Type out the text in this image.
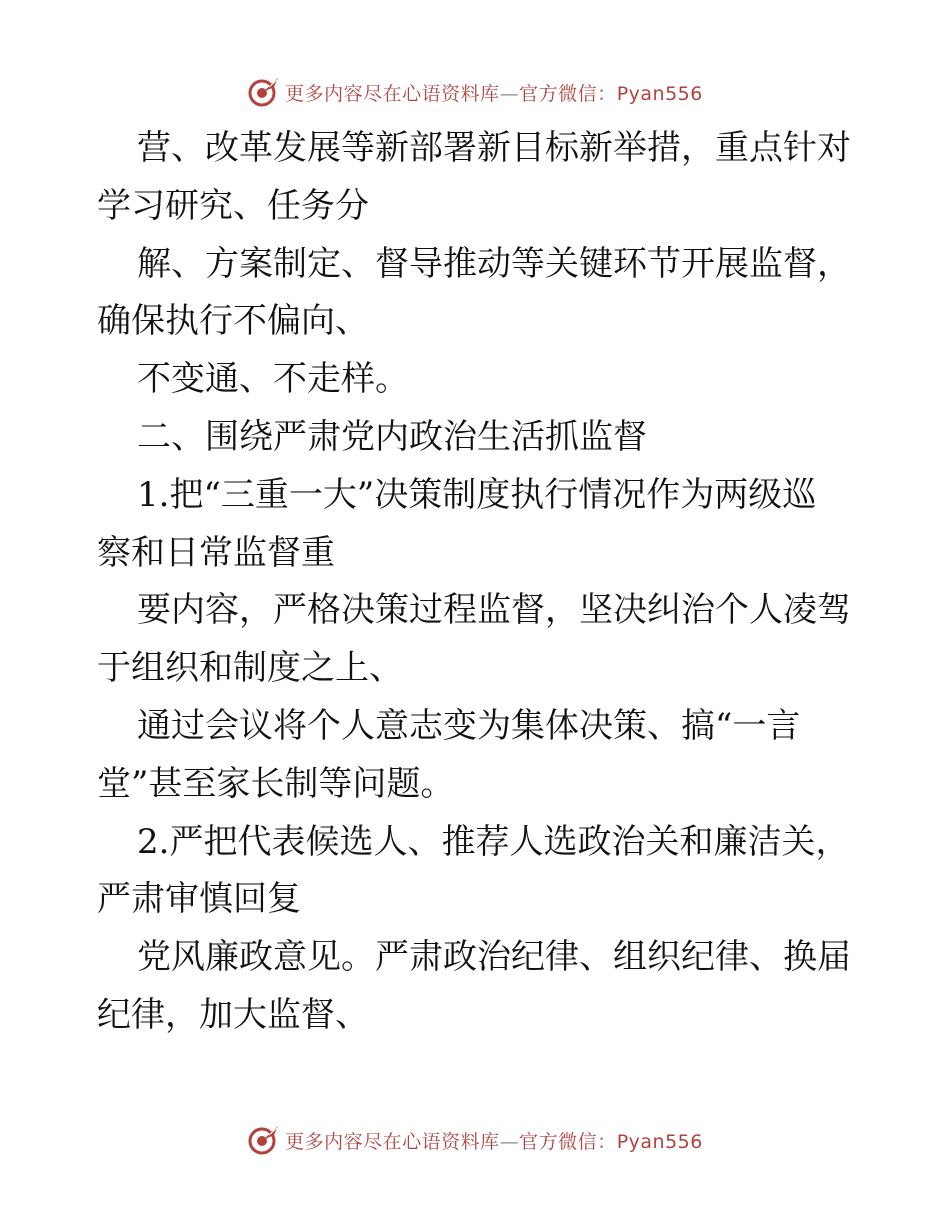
更多内容尽在心语资料库—官方微信：Pyan556
营、改革发展等新部署新目标新举措，重点针对
学习研究、任务分
解、方案制定、督导推动等关键环节开展监督，
确保执行不偏向、
不变通、不走样。
二、围绕严肃党内政治生活抓监督
1.把“三重一大”决策制度执行情况作为两级巡
察和日常监督重
要内容，严格决策过程监督，坚决纠治个人凌驾
于组织和制度之上、
通过会议将个人意志变为集体决策、搞“一言
堂”甚至家长制等问题。
2.严把代表候选人、推荐人选政治关和廉洁关，
严肃审慎回复
党风廉政意见。严肃政治纪律、组织纪律、换届
纪律，加大监督、
更多内容尽在心语资料库—官方微信：Pyan556
